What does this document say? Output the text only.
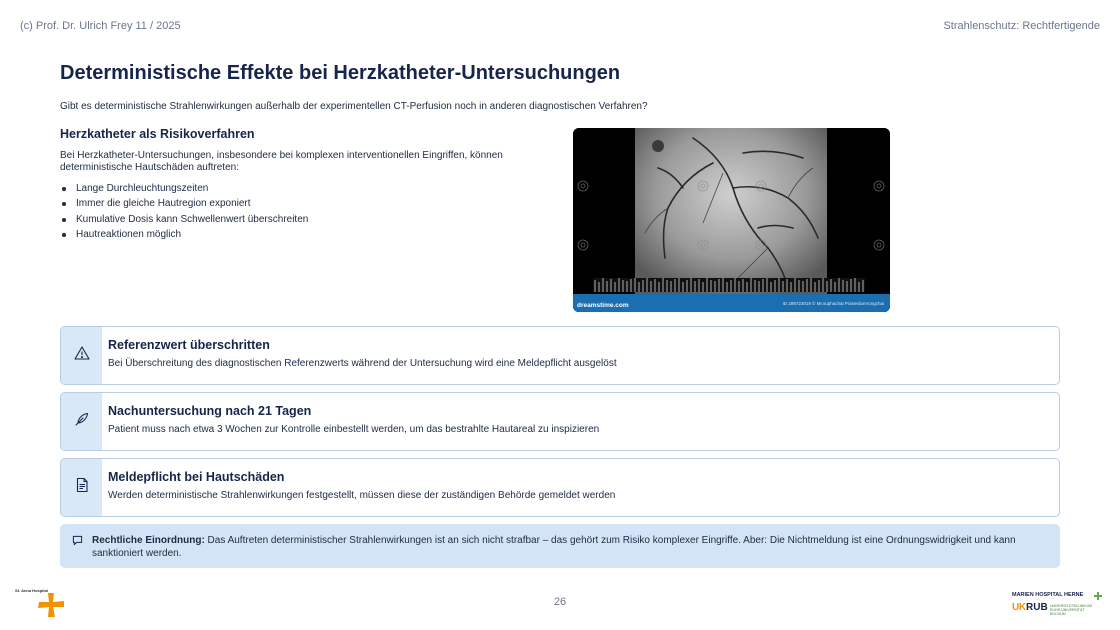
(c) Prof. Dr. Ulrich Frey 11 / 2025	Strahlenschutz: Rechtfertigende
Deterministische Effekte bei Herzkatheter-Untersuchungen
Gibt es deterministische Strahlenwirkungen außerhalb der experimentellen CT-Perfusion noch in anderen diagnostischen Verfahren?
Herzkatheter als Risikoverfahren

Bei Herzkatheter-Untersuchungen, insbesondere bei komplexen interventionellen Eingriffen, können deterministische Hautschäden auftreten:

Lange Durchleuchtungszeiten
Immer die gleiche Hautregion exponiert
Kumulative Dosis kann Schwellenwert überschreiten
Hautreaktionen möglich
dreamstime.com	ID 298723019 © Mr.suphachai Praserdumrongchai
Referenzwert überschritten
Bei Überschreitung des diagnostischen Referenzwerts während der Untersuchung wird eine Meldepflicht ausgelöst
Nachuntersuchung nach 21 Tagen
Patient muss nach etwa 3 Wochen zur Kontrolle einbestellt werden, um das bestrahlte Hautareal zu inspizieren
Meldepflicht bei Hautschäden
Werden deterministische Strahlenwirkungen festgestellt, müssen diese der zuständigen Behörde gemeldet werden

Rechtliche Einordnung: Das Auftreten deterministischer Strahlenwirkungen ist an sich nicht strafbar – das gehört zum Risiko komplexer Eingriffe. Aber: Die Nichtmeldung ist eine Ordnungswidrigkeit und kann sanktioniert werden.

26
St. Anna Hospital
MARIEN HOSPITAL HERNE
UK RUB UNIVERSITÄTSKLINIKUM RUHR-UNIVERSITÄT BOCHUM
